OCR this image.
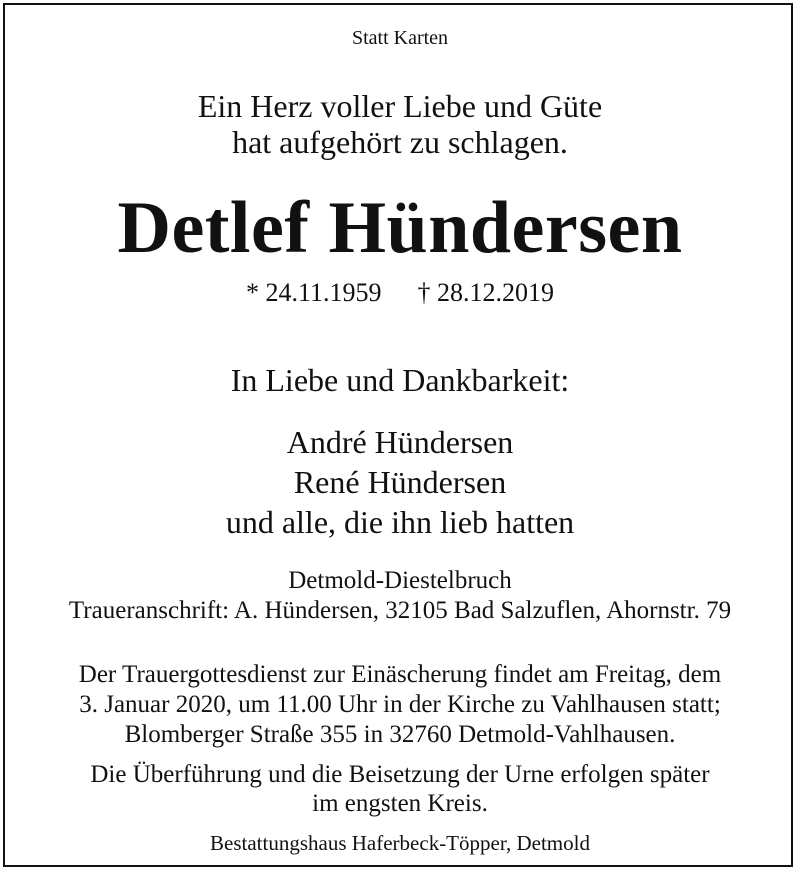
Statt Karten
Ein Herz voller Liebe und Güte
hat aufgehört zu schlagen.
Detlef Hündersen
* 24.11.1959 † 28.12.2019
In Liebe und Dankbarkeit:
André Hündersen
René Hündersen
und alle, die ihn lieb hatten
Detmold-Diestelbruch
Traueranschrift: A. Hündersen, 32105 Bad Salzuflen, Ahornstr. 79
Der Trauergottesdienst zur Einäscherung findet am Freitag, dem
3. Januar 2020, um 11.00 Uhr in der Kirche zu Vahlhausen statt;
Blomberger Straße 355 in 32760 Detmold-Vahlhausen.
Die Überführung und die Beisetzung der Urne erfolgen später
im engsten Kreis.
Bestattungshaus Haferbeck-Töpper, Detmold
